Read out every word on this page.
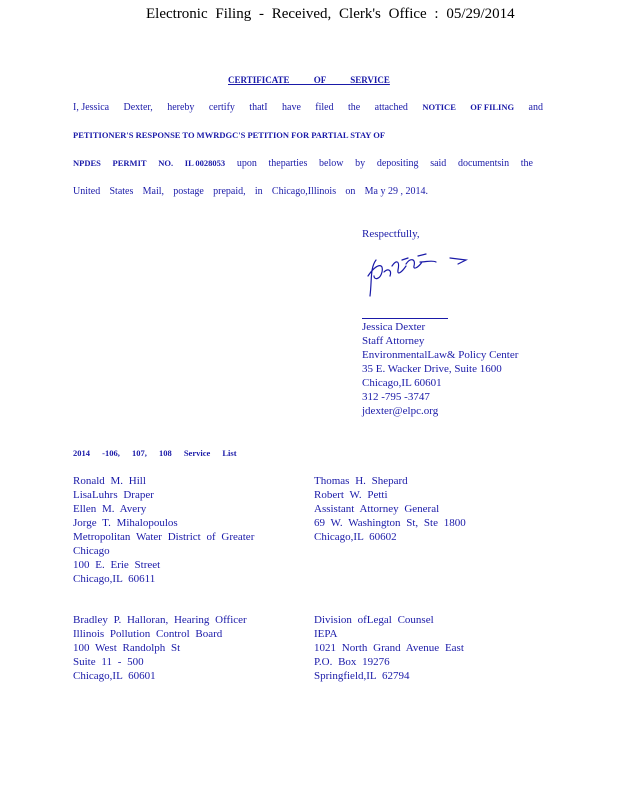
Electronic Filing - Received, Clerk's Office : 05/29/2014
CERTIFICATE OF SERVICE
I, Jessica Dexter, hereby certify thatI have filed the attached NOTICE OF FILING and
PETITIONER'S RESPONSE TO MWRDGC'S PETITION FOR PARTIAL STAY OF
NPDES PERMIT NO. IL 0028053 upon theparties below by depositing said documentsin the
United States Mail, postage prepaid, in Chicago,Illinois on Ma y 29 , 2014.
Respectfully,
Jessica Dexter
Staff Attorney
EnvironmentalLaw& Policy Center
35 E. Wacker Drive, Suite 1600
Chicago,IL 60601
312 -795 -3747
jdexter@elpc.org
2014 -106, 107, 108 Service List
Ronald M. Hill
LisaLuhrs Draper
Ellen M. Avery
Jorge T. Mihalopoulos
Metropolitan Water District of Greater
Chicago
100 E. Erie Street
Chicago,IL 60611
Thomas H. Shepard
Robert W. Petti
Assistant Attorney General
69 W. Washington St, Ste 1800
Chicago,IL 60602
Bradley P. Halloran, Hearing Officer
Illinois Pollution Control Board
100 West Randolph St
Suite 11 - 500
Chicago,IL 60601
Division ofLegal Counsel
IEPA
1021 North Grand Avenue East
P.O. Box 19276
Springfield,IL 62794
